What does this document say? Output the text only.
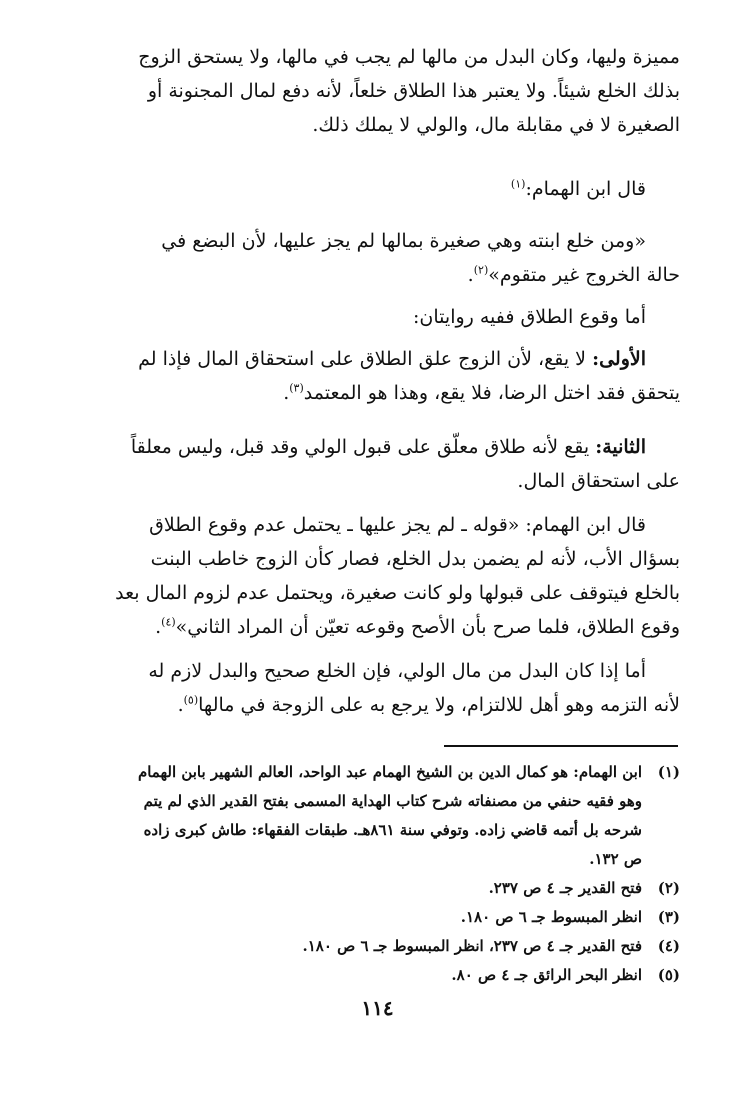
مميزة وليها، وكان البدل من مالها لم يجب في مالها، ولا يستحق الزوج
بذلك الخلع شيئاً. ولا يعتبر هذا الطلاق خلعاً، لأنه دفع لمال المجنونة أو
الصغيرة لا في مقابلة مال، والولي لا يملك ذلك.
قال ابن الهمام:$^{(١)}$
«ومن خلع ابنته وهي صغيرة بمالها لم يجز عليها، لأن البضع في
حالة الخروج غير متقوم»$^{(٢)}$.
أما وقوع الطلاق ففيه روايتان:
الأولى: لا يقع، لأن الزوج علق الطلاق على استحقاق المال فإذا لم
يتحقق فقد اختل الرضا، فلا يقع، وهذا هو المعتمد$^{(٣)}$.
الثانية: يقع لأنه طلاق معلّق على قبول الولي وقد قبل، وليس معلقاً
على استحقاق المال.
قال ابن الهمام: «قوله ـ لم يجز عليها ـ يحتمل عدم وقوع الطلاق
بسؤال الأب، لأنه لم يضمن بدل الخلع، فصار كأن الزوج خاطب البنت
بالخلع فيتوقف على قبولها ولو كانت صغيرة، ويحتمل عدم لزوم المال بعد
وقوع الطلاق، فلما صرح بأن الأصح وقوعه تعيّن أن المراد الثاني»$^{(٤)}$.
أما إذا كان البدل من مال الولي، فإن الخلع صحيح والبدل لازم له
لأنه التزمه وهو أهل للالتزام، ولا يرجع به على الزوجة في مالها$^{(٥)}$.
(١)
ابن الهمام: هو كمال الدين بن الشيخ الهمام عبد الواحد، العالم الشهير بابن الهمام
وهو فقيه حنفي من مصنفاته شرح كتاب الهداية المسمى بفتح القدير الذي لم يتم
شرحه بل أتمه قاضي زاده. وتوفي سنة ٨٦١هـ. طبقات الفقهاء: طاش كبرى زاده
ص ١٣٢.
(٢)
فتح القدير جـ ٤ ص ٢٣٧.
(٣)
انظر المبسوط جـ ٦ ص ١٨٠.
(٤)
فتح القدير جـ ٤ ص ٢٣٧، انظر المبسوط جـ ٦ ص ١٨٠.
(٥)
انظر البحر الرائق جـ ٤ ص ٨٠.
١١٤
